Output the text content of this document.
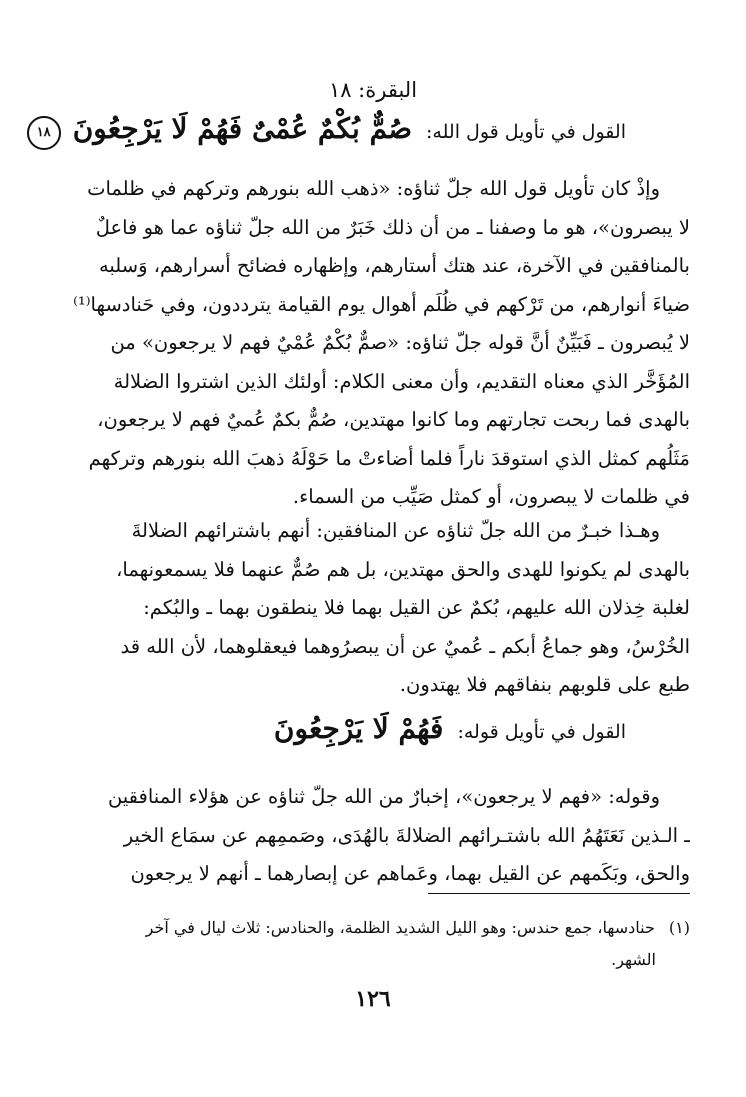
البقرة: ١٨
القول في تأويل قول الله: صُمٌّ بُكْمٌ عُمْىٌ فَهُمْ لَا يَرْجِعُونَ ١٨
وإذْ كان تأويل قول الله جلّ ثناؤه: «ذهب الله بنورهم وتركهم في ظلمات
لا يبصرون»، هو ما وصفنا ـ من أن ذلك خَبَرٌ من الله جلّ ثناؤه عما هو فاعلٌ
بالمنافقين في الآخرة، عند هتك أستارهم، وإظهاره فضائح أسرارهم، وَسلبه
ضياءَ أنوارهم، من تَرْكهم في ظُلَم أهوال يوم القيامة يترددون، وفي حَنادسها⁽¹⁾
لا يُبصرون ـ فَبَيِّنٌ أنَّ قوله جلّ ثناؤه: «صمٌّ بُكْمٌ عُمْيٌ فهم لا يرجعون» من
المُؤَخَّر الذي معناه التقديم، وأن معنى الكلام: أولئك الذين اشتروا الضلالة
بالهدى فما ربحت تجارتهم وما كانوا مهتدين، صُمٌّ بكمٌ عُميٌ فهم لا يرجعون،
مَثَلُهم كمثل الذي استوقدَ ناراً فلما أضاءتْ ما حَوْلَهُ ذهبَ الله بنورهم وتركهم
في ظلمات لا يبصرون، أو كمثل صَيِّب من السماء.
وهـذا خبـرٌ من الله جلّ ثناؤه عن المنافقين: أنهم باشترائهم الضلالةَ
بالهدى لم يكونوا للهدى والحق مهتدين، بل هم صُمٌّ عنهما فلا يسمعونهما،
لغلبة خِذلان الله عليهم، بُكمٌ عن القيل بهما فلا ينطقون بهما ـ والبُكم:
الخُرْسُ، وهو جماعُ أبكم ـ عُميٌ عن أن يبصرُوهما فيعقلوهما، لأن الله قد
طبع على قلوبهم بنفاقهم فلا يهتدون.
القول في تأويل قوله: فَهُمْ لَا يَرْجِعُونَ
وقوله: «فهم لا يرجعون»، إخبارٌ من الله جلّ ثناؤه عن هؤلاء المنافقين
ـ الـذين نَعَتَهُمُ الله باشتـرائهم الضلالةَ بالهُدَى، وصَممِهم عن سمَاع الخير
والحق، وبَكَمهم عن القيل بهما، وعَماهم عن إبصارهما ـ أنهم لا يرجعون
(١)حنادسها، جمع حندس: وهو الليل الشديد الظلمة، والحنادس: ثلاث ليال في آخر
الشهر.
١٢٦
